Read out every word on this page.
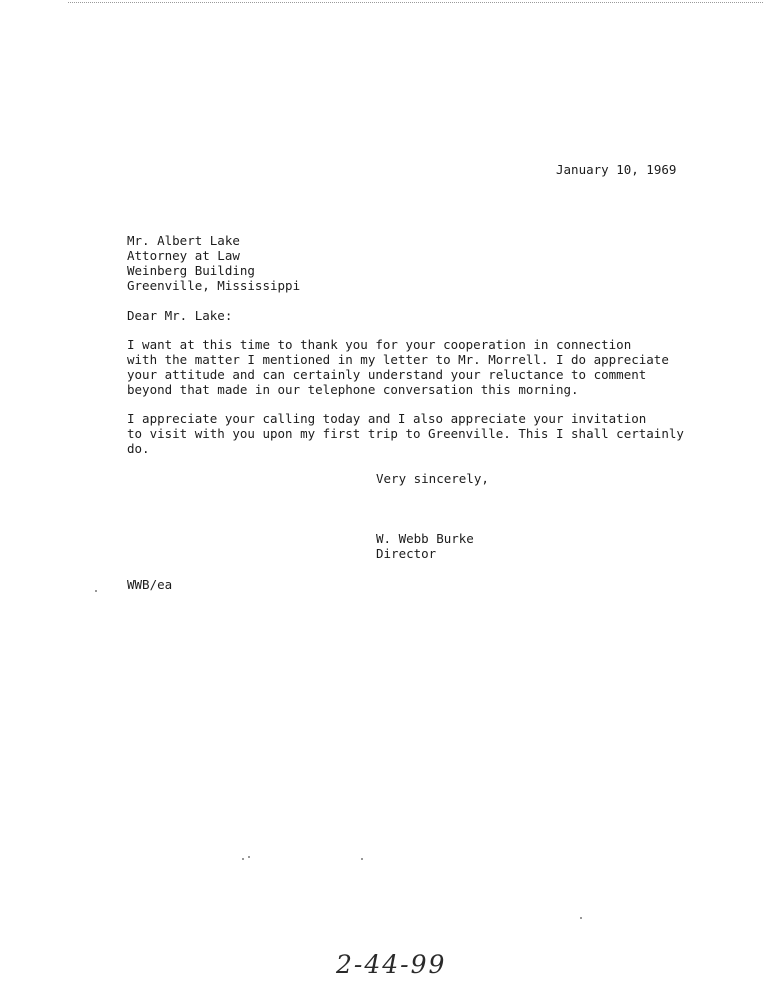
January 10, 1969
Mr. Albert Lake
Attorney at Law
Weinberg Building
Greenville, Mississippi
Dear Mr. Lake:
I want at this time to thank you for your cooperation in connection
with the matter I mentioned in my letter to Mr. Morrell. I do appreciate
your attitude and can certainly understand your reluctance to comment
beyond that made in our telephone conversation this morning.
I appreciate your calling today and I also appreciate your invitation
to visit with you upon my first trip to Greenville. This I shall certainly
do.
Very sincerely,
W. Webb Burke
Director
WWB/ea
2-44-99
